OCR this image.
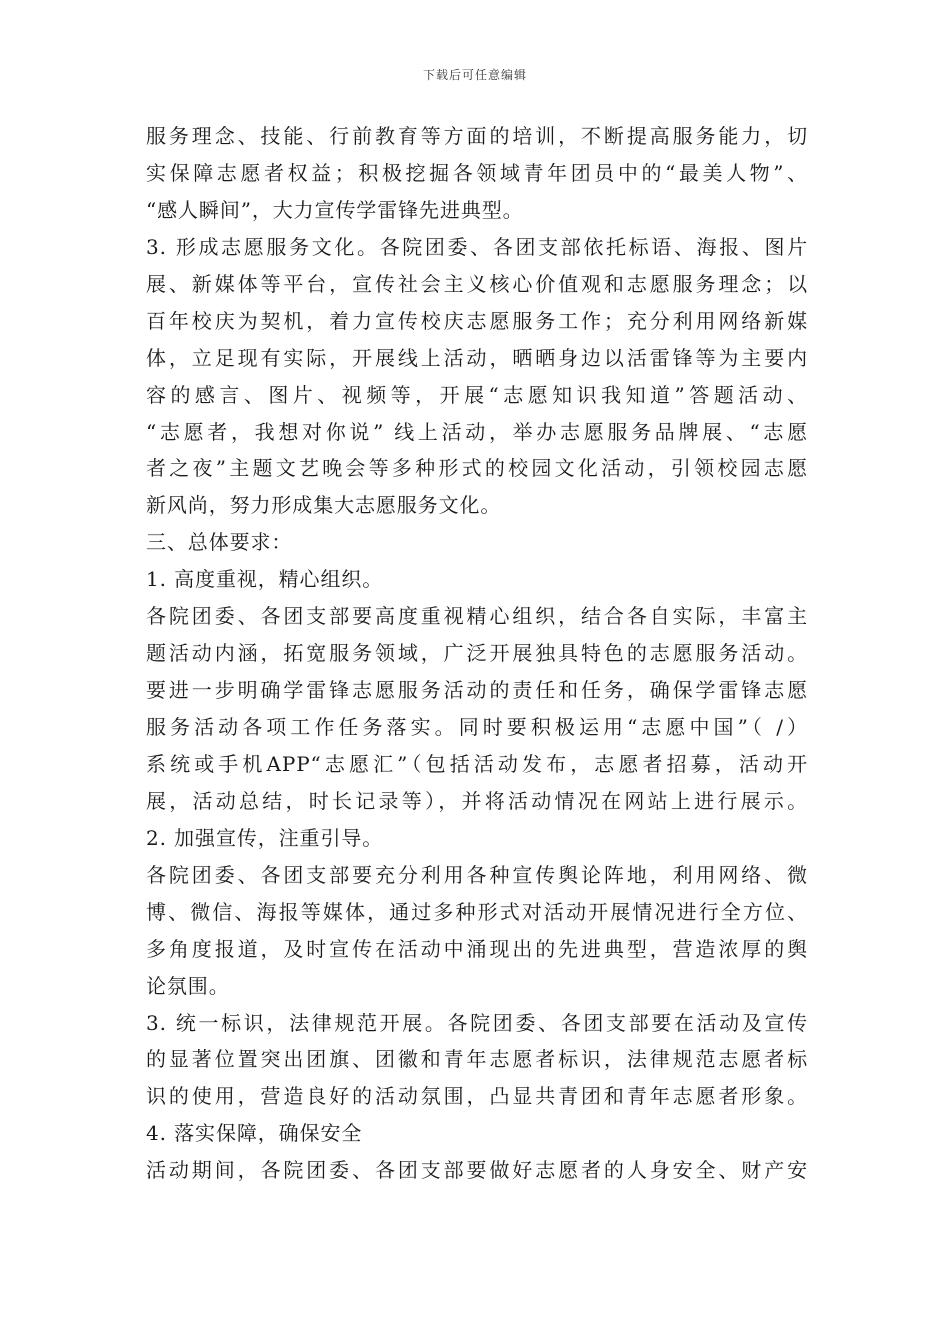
下载后可任意编辑
服务理念、技能、行前教育等方面的培训，不断提高服务能力，切
实保障志愿者权益；积极挖掘各领域青年团员中的“最美人物”、
“感人瞬间”，大力宣传学雷锋先进典型。
3. 形成志愿服务文化。各院团委、各团支部依托标语、海报、图片
展、新媒体等平台，宣传社会主义核心价值观和志愿服务理念；以
百年校庆为契机，着力宣传校庆志愿服务工作；充分利用网络新媒
体，立足现有实际，开展线上活动，晒晒身边以活雷锋等为主要内
容的感言、图片、视频等，开展“志愿知识我知道”答题活动、
“志愿者，我想对你说” 线上活动，举办志愿服务品牌展、“志愿
者之夜”主题文艺晚会等多种形式的校园文化活动，引领校园志愿
新风尚，努力形成集大志愿服务文化。
三、总体要求：
1. 高度重视，精心组织。
各院团委、各团支部要高度重视精心组织，结合各自实际，丰富主
题活动内涵，拓宽服务领域，广泛开展独具特色的志愿服务活动。
要进一步明确学雷锋志愿服务活动的责任和任务，确保学雷锋志愿
服务活动各项工作任务落实。同时要积极运用“志愿中国”（ /）
系统或手机APP“志愿汇”（包括活动发布，志愿者招募，活动开
展，活动总结，时长记录等），并将活动情况在网站上进行展示。
2. 加强宣传，注重引导。
各院团委、各团支部要充分利用各种宣传舆论阵地，利用网络、微
博、微信、海报等媒体，通过多种形式对活动开展情况进行全方位、
多角度报道，及时宣传在活动中涌现出的先进典型，营造浓厚的舆
论氛围。
3. 统一标识，法律规范开展。各院团委、各团支部要在活动及宣传
的显著位置突出团旗、团徽和青年志愿者标识，法律规范志愿者标
识的使用，营造良好的活动氛围，凸显共青团和青年志愿者形象。
4. 落实保障，确保安全
活动期间，各院团委、各团支部要做好志愿者的人身安全、财产安
